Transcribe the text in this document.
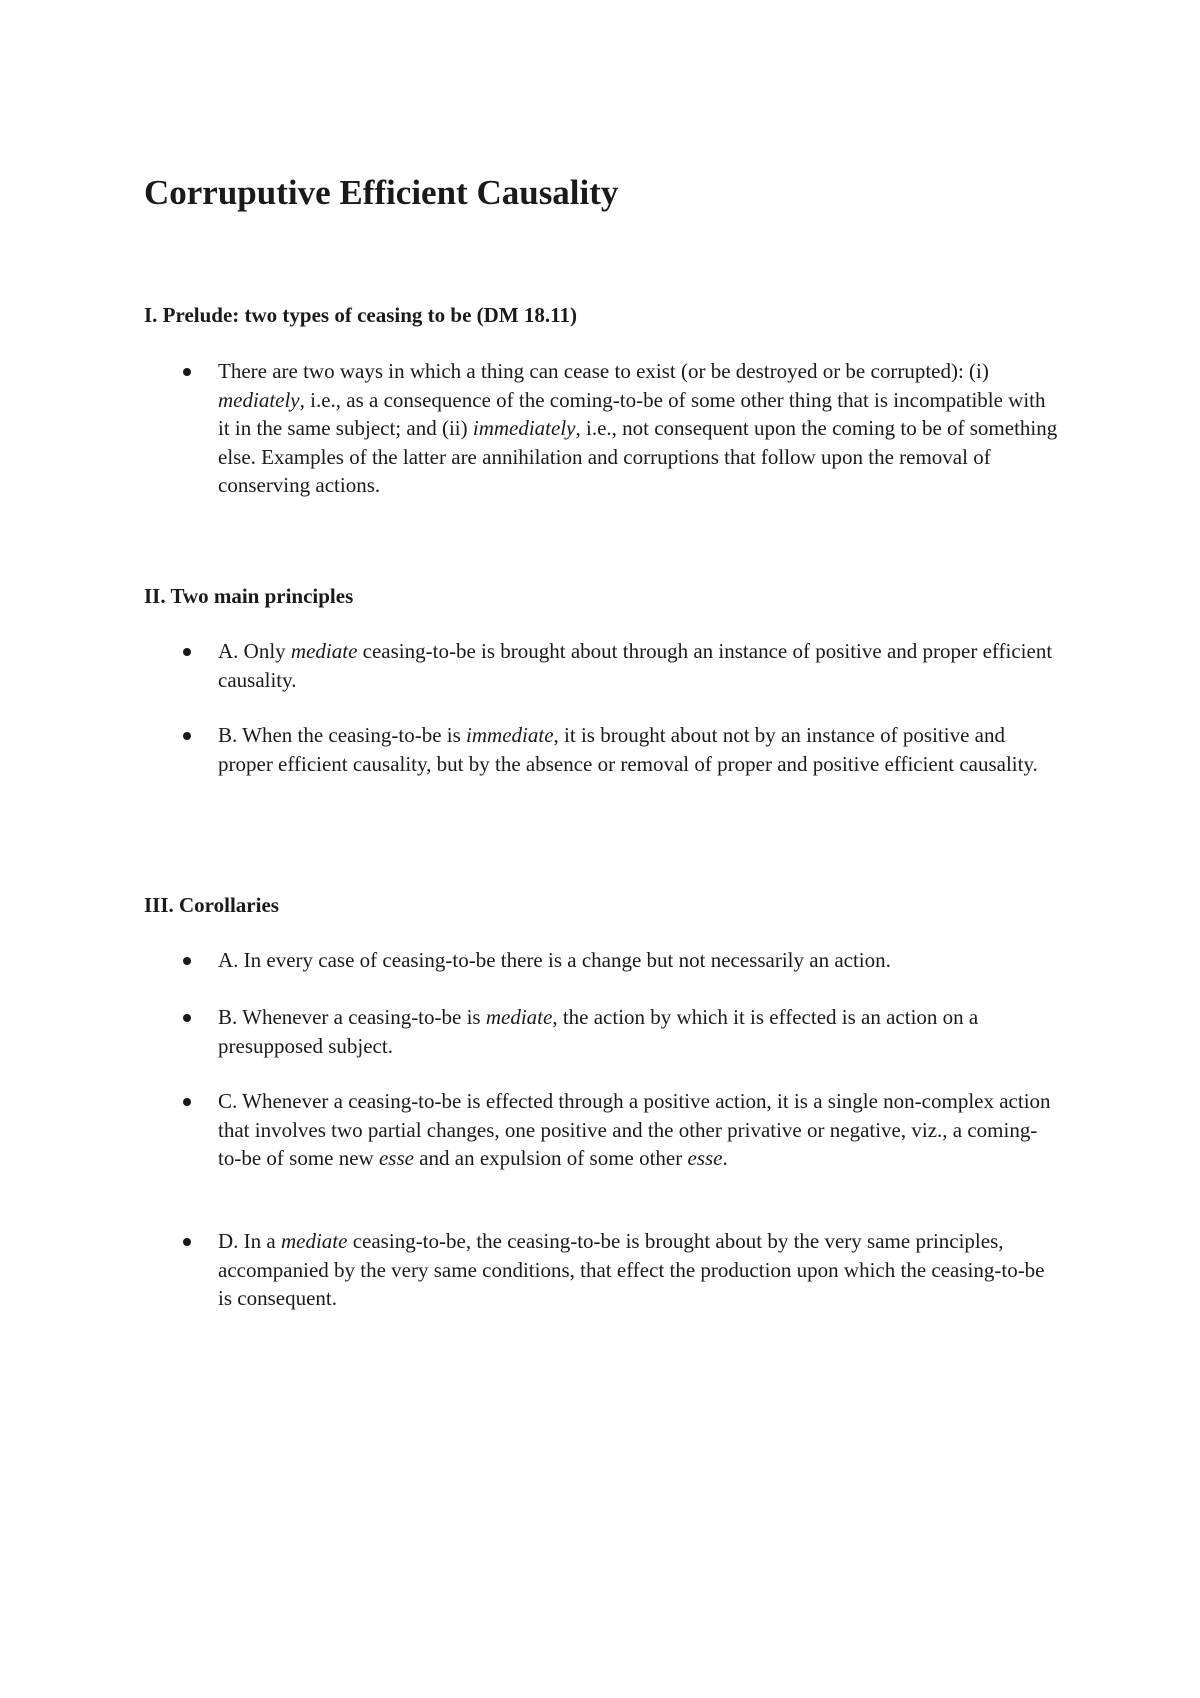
Corruputive Efficient Causality
I. Prelude: two types of ceasing to be (DM 18.11)
There are two ways in which a thing can cease to exist (or be destroyed or be corrupted): (i) mediately, i.e., as a consequence of the coming-to-be of some other thing that is incompatible with it in the same subject; and (ii) immediately, i.e., not consequent upon the coming to be of something else. Examples of the latter are annihilation and corruptions that follow upon the removal of conserving actions.
II. Two main principles
A. Only mediate ceasing-to-be is brought about through an instance of positive and proper efficient causality.
B. When the ceasing-to-be is immediate, it is brought about not by an instance of positive and proper efficient causality, but by the absence or removal of proper and positive efficient causality.
III. Corollaries
A. In every case of ceasing-to-be there is a change but not necessarily an action.
B. Whenever a ceasing-to-be is mediate, the action by which it is effected is an action on a presupposed subject.
C. Whenever a ceasing-to-be is effected through a positive action, it is a single non-complex action that involves two partial changes, one positive and the other privative or negative, viz., a coming-to-be of some new esse and an expulsion of some other esse.
D. In a mediate ceasing-to-be, the ceasing-to-be is brought about by the very same principles, accompanied by the very same conditions, that effect the production upon which the ceasing-to-be is consequent.
